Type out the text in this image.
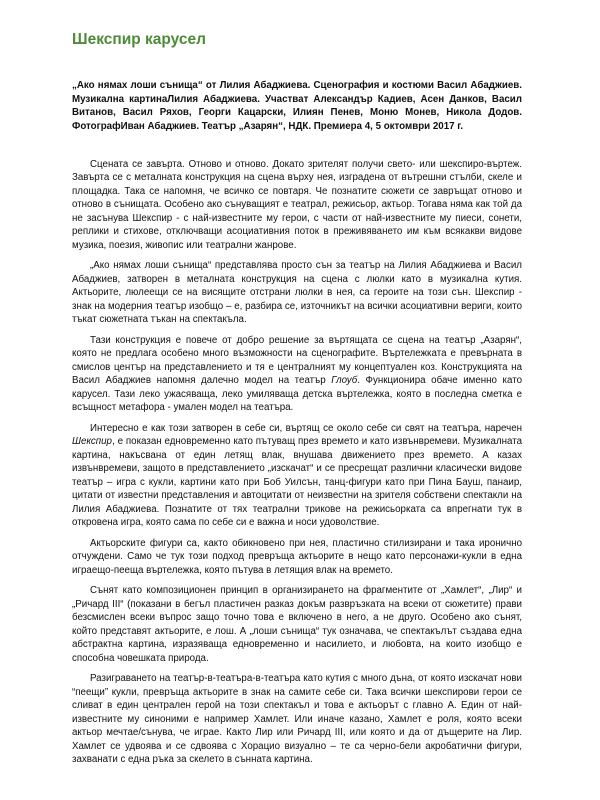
Шекспир карусел

„Ако нямах лоши сънища“ от Лилия Абаджиева. Сценография и костюми Васил Абаджиев. Музикална картинаЛилия Абаджиева. Участват Александър Кадиев, Асен Данков, Васил Витанов, Васил Ряхов, Георги Кацарски, Илиян Пенев, Моню Монев, Никола Додов. ФотографИван Абаджиев. Театър „Азарян“, НДК. Премиера 4, 5 октомври 2017 г.

Сцената се завърта. Отново и отново. Докато зрителят получи свето- или шекспиро-въртеж. Завърта се с металната конструкция на сцена върху нея, изградена от вътрешни стълби, скеле и площадка. Така се напомня, че всичко се повтаря. Че познатите сюжети се завръщат отново и отново в сънищата. Особено ако сънуващият е театрал, режисьор, актьор. Тогава няма как той да не засънува Шекспир - с най-известните му герои, с части от най-известните му пиеси, сонети, реплики и стихове, отключващи асоциативния поток в преживяването им към всякакви видове музика, поезия, живопис или театрални жанрове.

„Ако нямах лоши сънища“ представлява просто сън за театър на Лилия Абаджиева и Васил Абаджиев, затворен в металната конструкция на сцена с люлки като в музикална кутия. Актьорите, люлеещи се на висящите отстрани люлки в нея, са героите на този сън. Шекспир - знак на модерния театър изобщо – е, разбира се, източникът на всички асоциативни вериги, които тъкат сюжетната тъкан на спектакъла.

Тази конструкция е повече от добро решение за въртящата се сцена на театър „Азарян“, която не предлага особено много възможности на сценографите. Въртележката е превърната в смислов център на представлението и тя е централният му концептуален коз. Конструкцията на Васил Абаджиев напомня далечно модел на театър Глоуб. Функционира обаче именно като карусел. Тази леко ужасяваща, леко умиляваща детска въртележка, която в последна сметка е всъщност метафора - умален модел на театъра.

Интересно е как този затворен в себе си, въртящ се около себе си свят на театъра, наречен Шекспир, е показан едновременно като пътуващ през времето и като извънвремеви. Музикалната картина, накъсвана от един летящ влак, внушава движението през времето. А казах извънвремеви, защото в представлението „изскачат“ и се пресрещат различни класически видове театър – игра с кукли, картини като при Боб Уилсън, танц-фигури като при Пина Бауш, панаир, цитати от известни представления и автоцитати от неизвестни на зрителя собствени спектакли на Лилия Абаджиева. Познатите от тях театрални трикове на режисьорката са впрегнати тук в откровена игра, която сама по себе си е важна и носи удоволствие.

Актьорските фигури са, както обикновено при нея, пластично стилизирани и така иронично отчуждени. Само че тук този подход превръща актьорите в нещо като персонажи-кукли в една играещо-пееща въртележка, която пътува в летящия влак на времето.

Сънят като композиционен принцип в организирането на фрагментите от „Хамлет“, „Лир“ и „Ричард III“ (показани в бегъл пластичен разказ докъм развръзката на всеки от сюжетите) прави безсмислен всеки въпрос защо точно това е включено в него, а не друго. Особено ако сънят, който представят актьорите, е лош. А „лоши сънища“ тук означава, че спектакълът създава една абстрактна картина, изразяваща едновременно и насилието, и любовта, на които изобщо е способна човешката природа.

Разиграването на театър-в-театъра-в-театъра като кутия с много дъна, от която изскачат нови “пеещи” кукли, превръща актьорите в знак на самите себе си. Така всички шекспирови герои се сливат в един централен герой на този спектакъл и това е актьорът с главно А. Един от най-известните му синоними е например Хамлет. Или иначе казано, Хамлет е роля, която всеки актьор мечтае/сънува, че играе. Както Лир или Ричард III, или която и да от дъщерите на Лир. Хамлет се удвоява и се сдвоява с Хорацио визуално – те са черно-бели акробатични фигури, захванати с една ръка за скелето в сънната картина.
